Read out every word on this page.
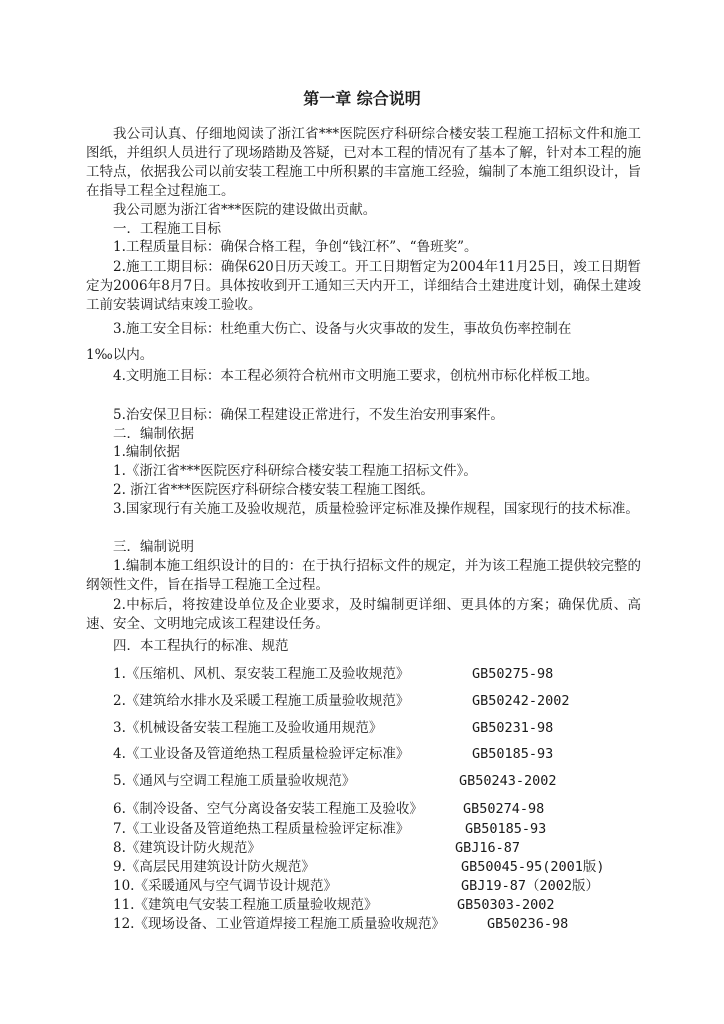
第一章 综合说明
我公司认真、仔细地阅读了浙江省***医院医疗科研综合楼安装工程施工招标文件和施工图纸，并组织人员进行了现场踏勘及答疑，已对本工程的情况有了基本了解，针对本工程的施工特点，依据我公司以前安装工程施工中所积累的丰富施工经验，编制了本施工组织设计，旨在指导工程全过程施工。
我公司愿为浙江省***医院的建设做出贡献。
一．工程施工目标
1.工程质量目标：确保合格工程，争创“钱江杯”、“鲁班奖”。
2.施工工期目标：确保620日历天竣工。开工日期暂定为2004年11月25日，竣工日期暂定为2006年8月7日。具体按收到开工通知三天内开工，详细结合土建进度计划，确保土建竣工前安装调试结束竣工验收。
3.施工安全目标：杜绝重大伤亡、设备与火灾事故的发生，事故负伤率控制在
1‰以内。
4.文明施工目标：本工程必须符合杭州市文明施工要求，创杭州市标化样板工地。
5.治安保卫目标：确保工程建设正常进行，不发生治安刑事案件。
二．编制依据
1.编制依据
1.《浙江省***医院医疗科研综合楼安装工程施工招标文件》。
2. 浙江省***医院医疗科研综合楼安装工程施工图纸。
3.国家现行有关施工及验收规范，质量检验评定标准及操作规程，国家现行的技术标准。
三．编制说明
1.编制本施工组织设计的目的：在于执行招标文件的规定，并为该工程施工提供较完整的纲领性文件，旨在指导工程施工全过程。
2.中标后，将按建设单位及企业要求，及时编制更详细、更具体的方案；确保优质、高速、安全、文明地完成该工程建设任务。
四．本工程执行的标准、规范
1.《压缩机、风机、泵安装工程施工及验收规范》	GB50275-98
2.《建筑给水排水及采暖工程施工质量验收规范》	GB50242-2002
3.《机械设备安装工程施工及验收通用规范》	GB50231-98
4.《工业设备及管道绝热工程质量检验评定标准》	GB50185-93
5.《通风与空调工程施工质量验收规范》	GB50243-2002
6.《制冷设备、空气分离设备安装工程施工及验收》	GB50274-98
7.《工业设备及管道绝热工程质量检验评定标准》	GB50185-93
8.《建筑设计防火规范》	GBJ16-87
9.《高层民用建筑设计防火规范》	GB50045-95(2001版)
10.《采暖通风与空气调节设计规范》	GBJ19-87（2002版）
11.《建筑电气安装工程施工质量验收规范》	GB50303-2002
12.《现场设备、工业管道焊接工程施工质量验收规范》	GB50236-98
